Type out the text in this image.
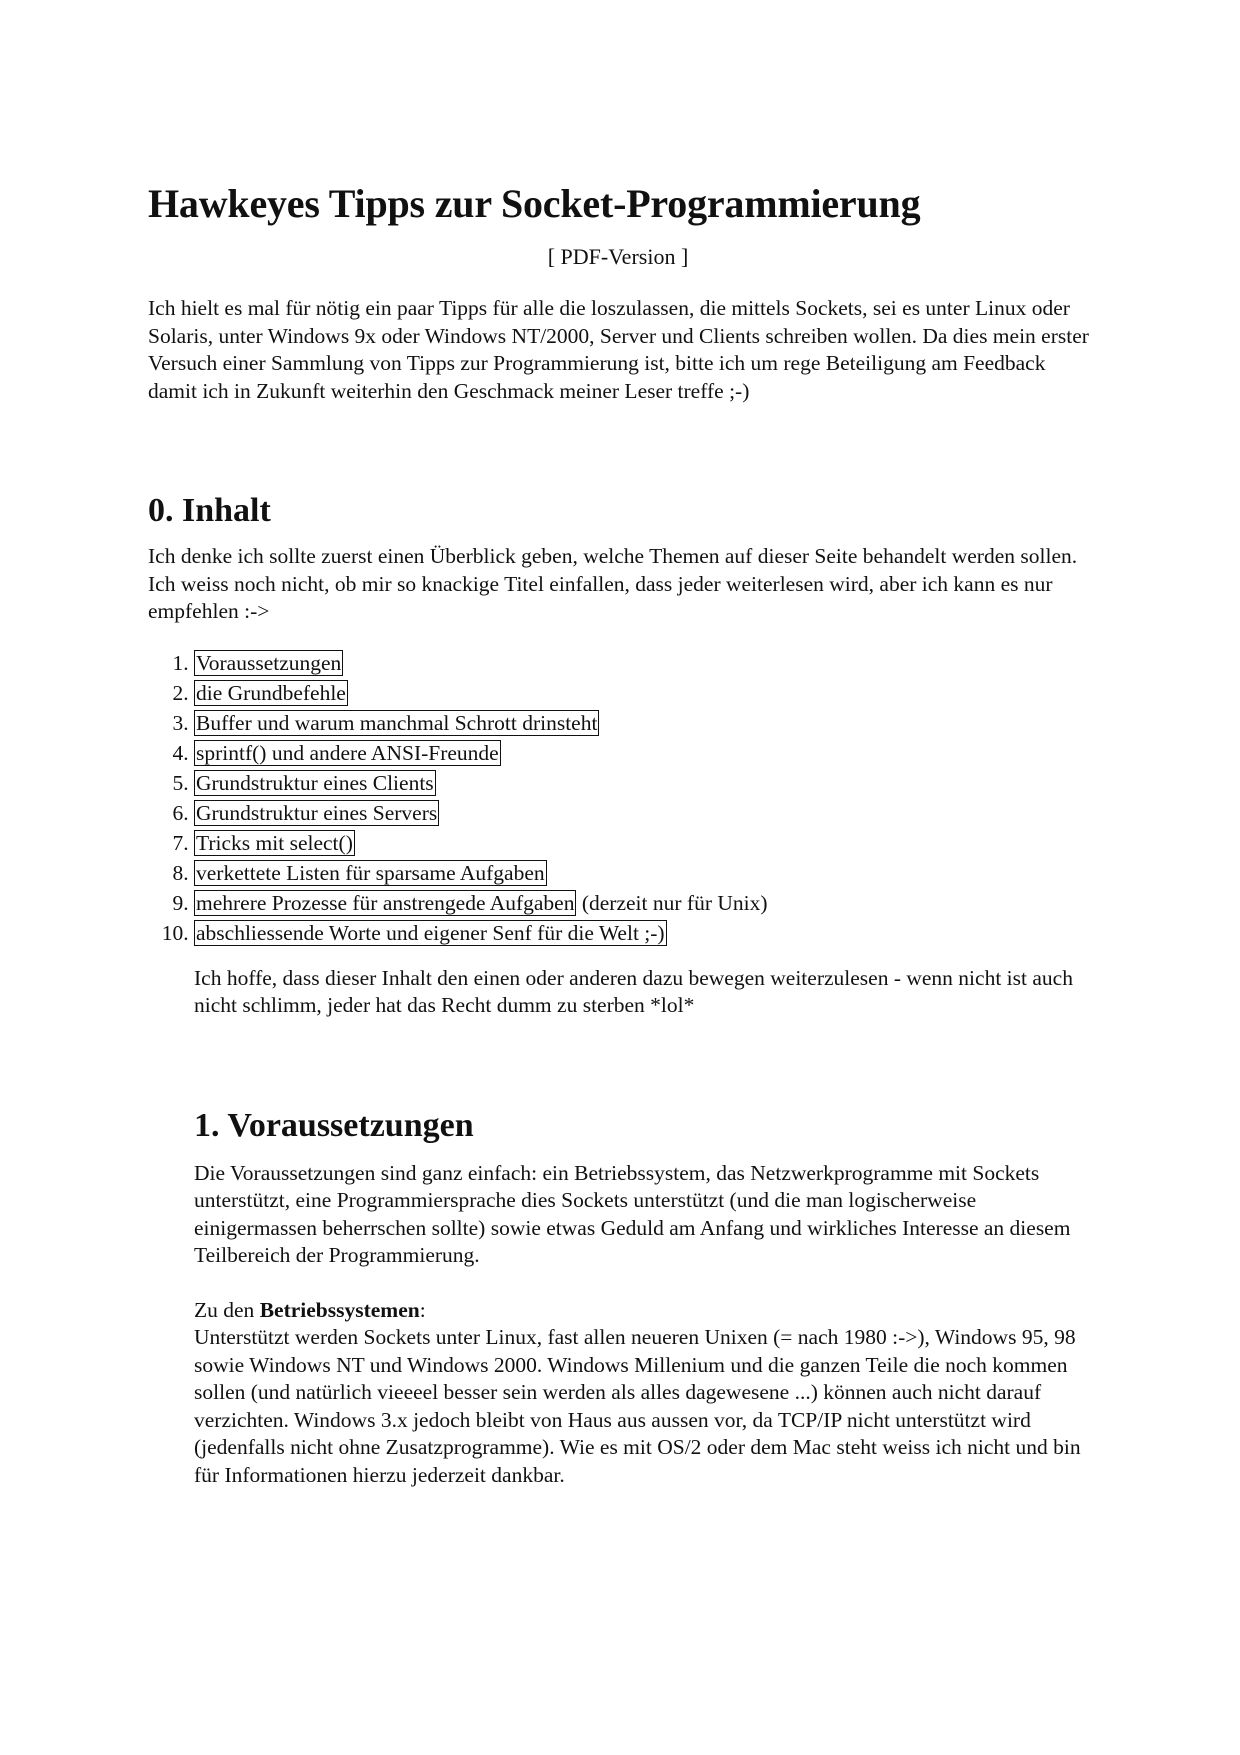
Hawkeyes Tipps zur Socket-Programmierung
[ PDF-Version ]

Ich hielt es mal für nötig ein paar Tipps für alle die loszulassen, die mittels Sockets, sei es unter Linux oder Solaris, unter Windows 9x oder Windows NT/2000, Server und Clients schreiben wollen. Da dies mein erster Versuch einer Sammlung von Tipps zur Programmierung ist, bitte ich um rege Beteiligung am Feedback damit ich in Zukunft weiterhin den Geschmack meiner Leser treffe ;-)

0. Inhalt

Ich denke ich sollte zuerst einen Überblick geben, welche Themen auf dieser Seite behandelt werden sollen. Ich weiss noch nicht, ob mir so knackige Titel einfallen, dass jeder weiterlesen wird, aber ich kann es nur empfehlen :->

1. Voraussetzungen
2. die Grundbefehle
3. Buffer und warum manchmal Schrott drinsteht
4. sprintf() und andere ANSI-Freunde
5. Grundstruktur eines Clients
6. Grundstruktur eines Servers
7. Tricks mit select()
8. verkettete Listen für sparsame Aufgaben
9. mehrere Prozesse für anstrengede Aufgaben (derzeit nur für Unix)
10. abschliessende Worte und eigener Senf für die Welt ;-)

Ich hoffe, dass dieser Inhalt den einen oder anderen dazu bewegen weiterzulesen - wenn nicht ist auch nicht schlimm, jeder hat das Recht dumm zu sterben *lol*

1. Voraussetzungen

Die Voraussetzungen sind ganz einfach: ein Betriebssystem, das Netzwerkprogramme mit Sockets unterstützt, eine Programmiersprache dies Sockets unterstützt (und die man logischerweise einigermassen beherrschen sollte) sowie etwas Geduld am Anfang und wirkliches Interesse an diesem Teilbereich der Programmierung.

Zu den Betriebssystemen:
Unterstützt werden Sockets unter Linux, fast allen neueren Unixen (= nach 1980 :->), Windows 95, 98 sowie Windows NT und Windows 2000. Windows Millenium und die ganzen Teile die noch kommen sollen (und natürlich vieeeel besser sein werden als alles dagewesene ...) können auch nicht darauf verzichten. Windows 3.x jedoch bleibt von Haus aus aussen vor, da TCP/IP nicht unterstützt wird (jedenfalls nicht ohne Zusatzprogramme). Wie es mit OS/2 oder dem Mac steht weiss ich nicht und bin für Informationen hierzu jederzeit dankbar.
